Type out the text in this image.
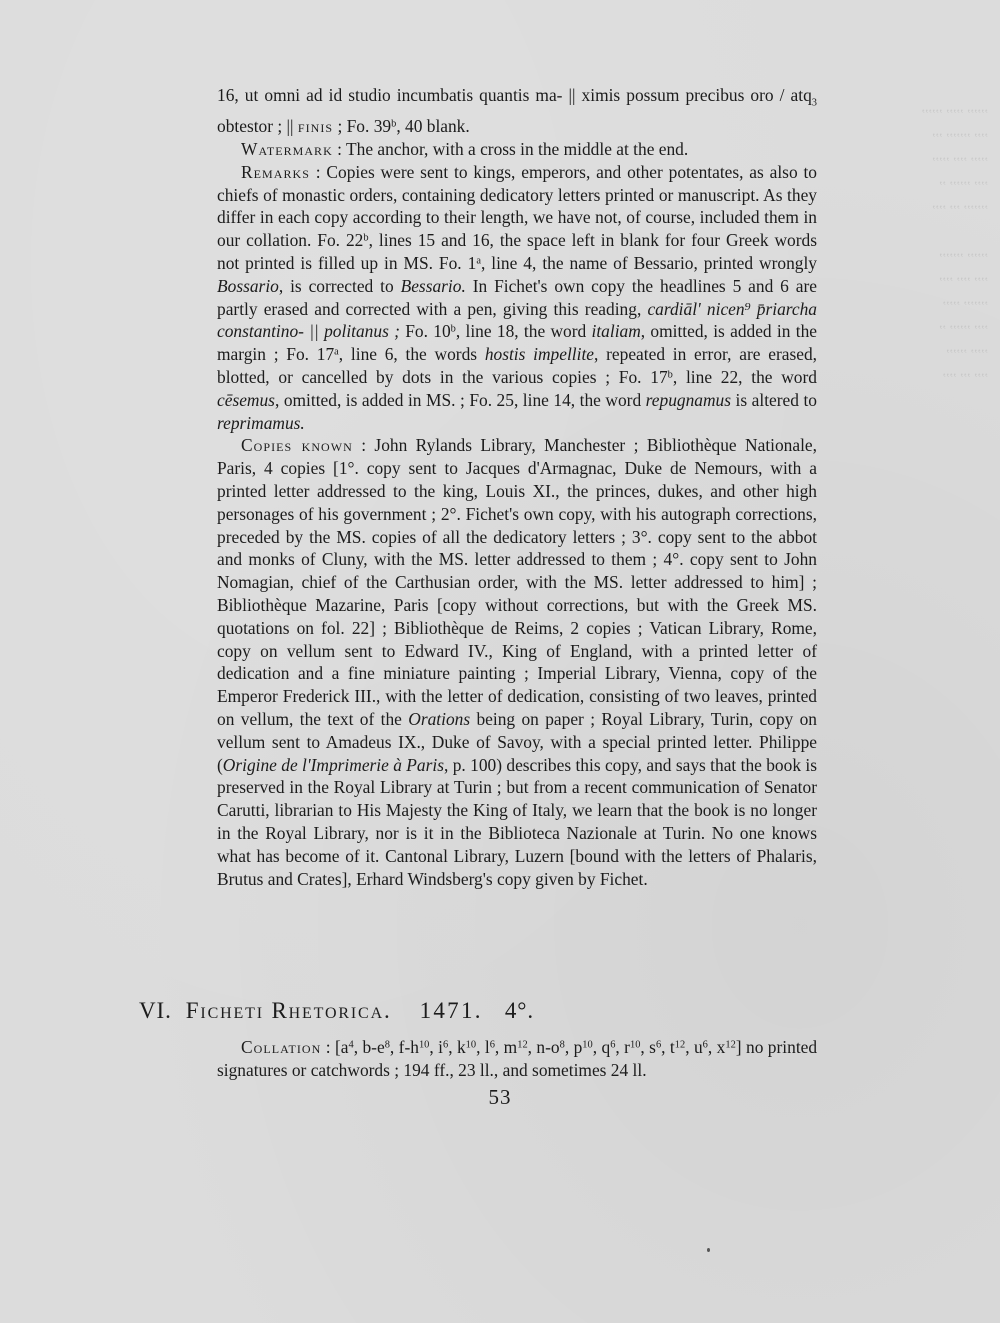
,,,,,, ,,,,, ,,,,,,
,,,, ,,,,,,, ,,,
,,,,, ,,,, ,,,,,
,,,, ,,,,,, ,,
,,,,,,, ,,, ,,,,

,,,,,, ,,,,,,,
,,,, ,,,, ,,,,
,,,,,,, ,,,,,
,,,, ,,,,,, ,,
,,,,, ,,,,,,
,,,, ,,, ,,,,

16, ut omni ad id studio incumbatis quantis ma- || ximis possum precibus oro / atq$_3$ obtestor ; || finis ; Fo. 39$^b$, 40 blank.

Watermark : The anchor, with a cross in the middle at the end.

Remarks : Copies were sent to kings, emperors, and other potentates, as also to chiefs of monastic orders, containing dedicatory letters printed or manuscript. As they differ in each copy according to their length, we have not, of course, included them in our collation. Fo. 22$^b$, lines 15 and 16, the space left in blank for four Greek words not printed is filled up in MS. Fo. 1$^a$, line 4, the name of Bessario, printed wrongly Bossario, is corrected to Bessario. In Fichet's own copy the headlines 5 and 6 are partly erased and corrected with a pen, giving this reading, cardiāl' nicen⁹ p̄riarcha constantino- || politanus ; Fo. 10$^b$, line 18, the word italiam, omitted, is added in the margin ; Fo. 17$^a$, line 6, the words hostis impellite, repeated in error, are erased, blotted, or cancelled by dots in the various copies ; Fo. 17$^b$, line 22, the word cēsemus, omitted, is added in MS. ; Fo. 25, line 14, the word repugnamus is altered to reprimamus.

Copies known : John Rylands Library, Manchester ; Bibliothèque Nationale, Paris, 4 copies [1°. copy sent to Jacques d'Armagnac, Duke de Nemours, with a printed letter addressed to the king, Louis XI., the princes, dukes, and other high personages of his government ; 2°. Fichet's own copy, with his autograph corrections, preceded by the MS. copies of all the dedicatory letters ; 3°. copy sent to the abbot and monks of Cluny, with the MS. letter addressed to them ; 4°. copy sent to John Nomagian, chief of the Carthusian order, with the MS. letter addressed to him] ; Bibliothèque Mazarine, Paris [copy without corrections, but with the Greek MS. quotations on fol. 22] ; Bibliothèque de Reims, 2 copies ; Vatican Library, Rome, copy on vellum sent to Edward IV., King of England, with a printed letter of dedication and a fine miniature painting ; Imperial Library, Vienna, copy of the Emperor Frederick III., with the letter of dedication, consisting of two leaves, printed on vellum, the text of the Orations being on paper ; Royal Library, Turin, copy on vellum sent to Amadeus IX., Duke of Savoy, with a special printed letter. Philippe (Origine de l'Imprimerie à Paris, p. 100) describes this copy, and says that the book is preserved in the Royal Library at Turin ; but from a recent communication of Senator Carutti, librarian to His Majesty the King of Italy, we learn that the book is no longer in the Royal Library, nor is it in the Biblioteca Nazionale at Turin. No one knows what has become of it. Cantonal Library, Luzern [bound with the letters of Phalaris, Brutus and Crates], Erhard Windsberg's copy given by Fichet.

VI. Ficheti Rhetorica. 1471. 4°.
Collation : [$a^4$, $b-e^8$, $f-h^{10}$, $i^6$, $k^{10}$, $l^6$, $m^{12}$, $n-o^8$, $p^{10}$, $q^6$, $r^{10}$, $s^6$, $t^{12}$, $u^6$, $x^{12}$] no printed signatures or catchwords ; 194 ff., 23 ll., and sometimes 24 ll.
53
